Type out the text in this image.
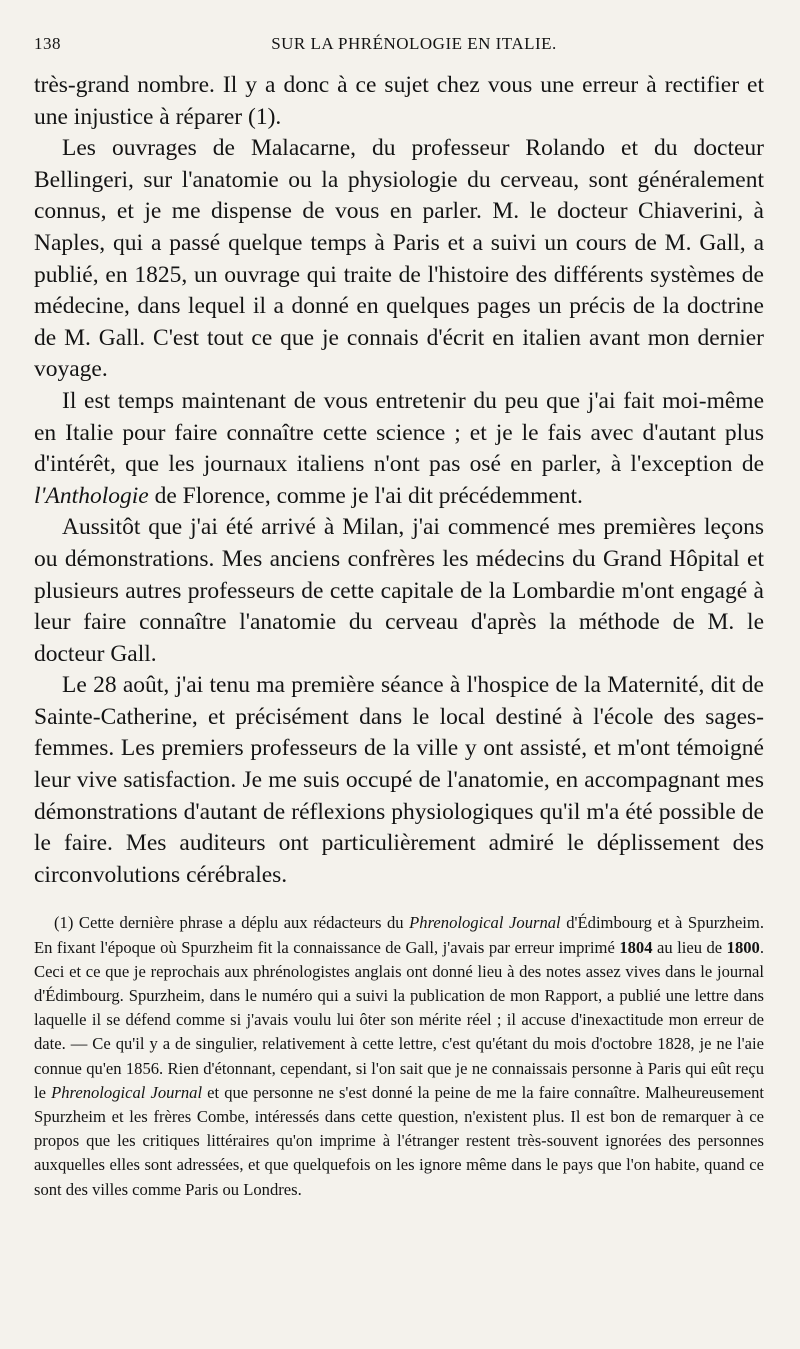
138	SUR LA PHRÉNOLOGIE EN ITALIE.

très-grand nombre. Il y a donc à ce sujet chez vous une erreur à rectifier et une injustice à réparer (1).

Les ouvrages de Malacarne, du professeur Rolando et du docteur Bellingeri, sur l'anatomie ou la physiologie du cerveau, sont généralement connus, et je me dispense de vous en parler. M. le docteur Chiaverini, à Naples, qui a passé quelque temps à Paris et a suivi un cours de M. Gall, a publié, en 1825, un ouvrage qui traite de l'histoire des différents systèmes de médecine, dans lequel il a donné en quelques pages un précis de la doctrine de M. Gall. C'est tout ce que je connais d'écrit en italien avant mon dernier voyage.

Il est temps maintenant de vous entretenir du peu que j'ai fait moi-même en Italie pour faire connaître cette science ; et je le fais avec d'autant plus d'intérêt, que les journaux italiens n'ont pas osé en parler, à l'exception de l'Anthologie de Florence, comme je l'ai dit précédemment.

Aussitôt que j'ai été arrivé à Milan, j'ai commencé mes premières leçons ou démonstrations. Mes anciens confrères les médecins du Grand Hôpital et plusieurs autres professeurs de cette capitale de la Lombardie m'ont engagé à leur faire connaître l'anatomie du cerveau d'après la méthode de M. le docteur Gall.

Le 28 août, j'ai tenu ma première séance à l'hospice de la Maternité, dit de Sainte-Catherine, et précisément dans le local destiné à l'école des sages-femmes. Les premiers professeurs de la ville y ont assisté, et m'ont témoigné leur vive satisfaction. Je me suis occupé de l'anatomie, en accompagnant mes démonstrations d'autant de réflexions physiologiques qu'il m'a été possible de le faire. Mes auditeurs ont particulièrement admiré le déplissement des circonvolutions cérébrales.

(1) Cette dernière phrase a déplu aux rédacteurs du Phrenological Journal d'Édimbourg et à Spurzheim. En fixant l'époque où Spurzheim fit la connaissance de Gall, j'avais par erreur imprimé 1804 au lieu de 1800. Ceci et ce que je reprochais aux phrénologistes anglais ont donné lieu à des notes assez vives dans le journal d'Édimbourg. Spurzheim, dans le numéro qui a suivi la publication de mon Rapport, a publié une lettre dans laquelle il se défend comme si j'avais voulu lui ôter son mérite réel ; il accuse d'inexactitude mon erreur de date. — Ce qu'il y a de singulier, relativement à cette lettre, c'est qu'étant du mois d'octobre 1828, je ne l'aie connue qu'en 1856. Rien d'étonnant, cependant, si l'on sait que je ne connaissais personne à Paris qui eût reçu le Phrenological Journal et que personne ne s'est donné la peine de me la faire connaître. Malheureusement Spurzheim et les frères Combe, intéressés dans cette question, n'existent plus. Il est bon de remarquer à ce propos que les critiques littéraires qu'on imprime à l'étranger restent très-souvent ignorées des personnes auxquelles elles sont adressées, et que quelquefois on les ignore même dans le pays que l'on habite, quand ce sont des villes comme Paris ou Londres.
